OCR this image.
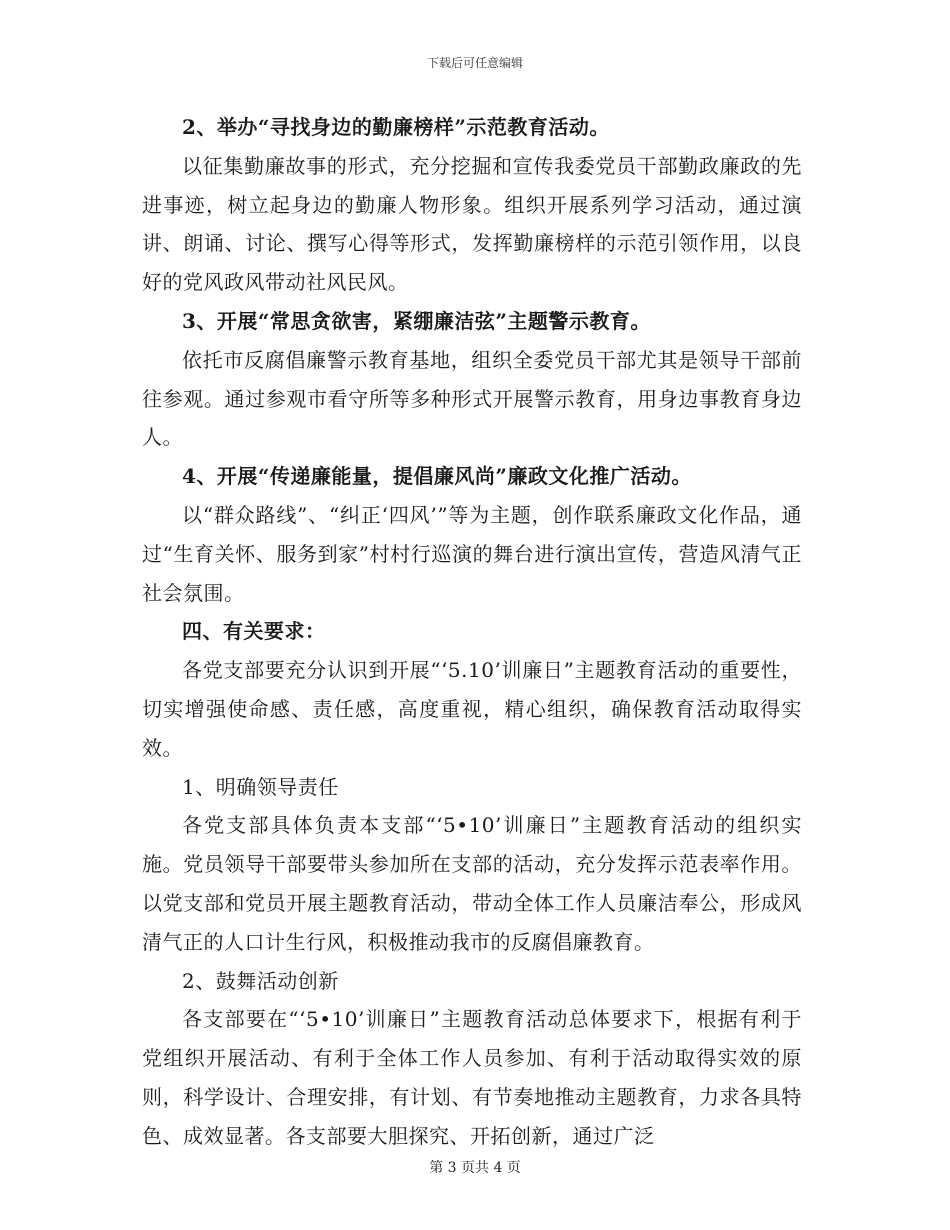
下载后可任意编辑

2、举办“寻找身边的勤廉榜样”示范教育活动。

以征集勤廉故事的形式，充分挖掘和宣传我委党员干部勤政廉政的先进事迹，树立起身边的勤廉人物形象。组织开展系列学习活动，通过演讲、朗诵、讨论、撰写心得等形式，发挥勤廉榜样的示范引领作用，以良好的党风政风带动社风民风。

3、开展“常思贪欲害，紧绷廉洁弦”主题警示教育。

依托市反腐倡廉警示教育基地，组织全委党员干部尤其是领导干部前往参观。通过参观市看守所等多种形式开展警示教育，用身边事教育身边人。

4、开展“传递廉能量，提倡廉风尚”廉政文化推广活动。

以“群众路线”、“纠正‘四风’”等为主题，创作联系廉政文化作品，通过“生育关怀、服务到家”村村行巡演的舞台进行演出宣传，营造风清气正社会氛围。

四、有关要求：

各党支部要充分认识到开展“‘5.10’训廉日”主题教育活动的重要性，切实增强使命感、责任感，高度重视，精心组织，确保教育活动取得实效。

1、明确领导责任

各党支部具体负责本支部“‘5•10’训廉日”主题教育活动的组织实施。党员领导干部要带头参加所在支部的活动，充分发挥示范表率作用。以党支部和党员开展主题教育活动，带动全体工作人员廉洁奉公，形成风清气正的人口计生行风，积极推动我市的反腐倡廉教育。

2、鼓舞活动创新

各支部要在“‘5•10’训廉日”主题教育活动总体要求下，根据有利于党组织开展活动、有利于全体工作人员参加、有利于活动取得实效的原则，科学设计、合理安排，有计划、有节奏地推动主题教育，力求各具特色、成效显著。各支部要大胆探究、开拓创新，通过广泛

第 3 页共 4 页
